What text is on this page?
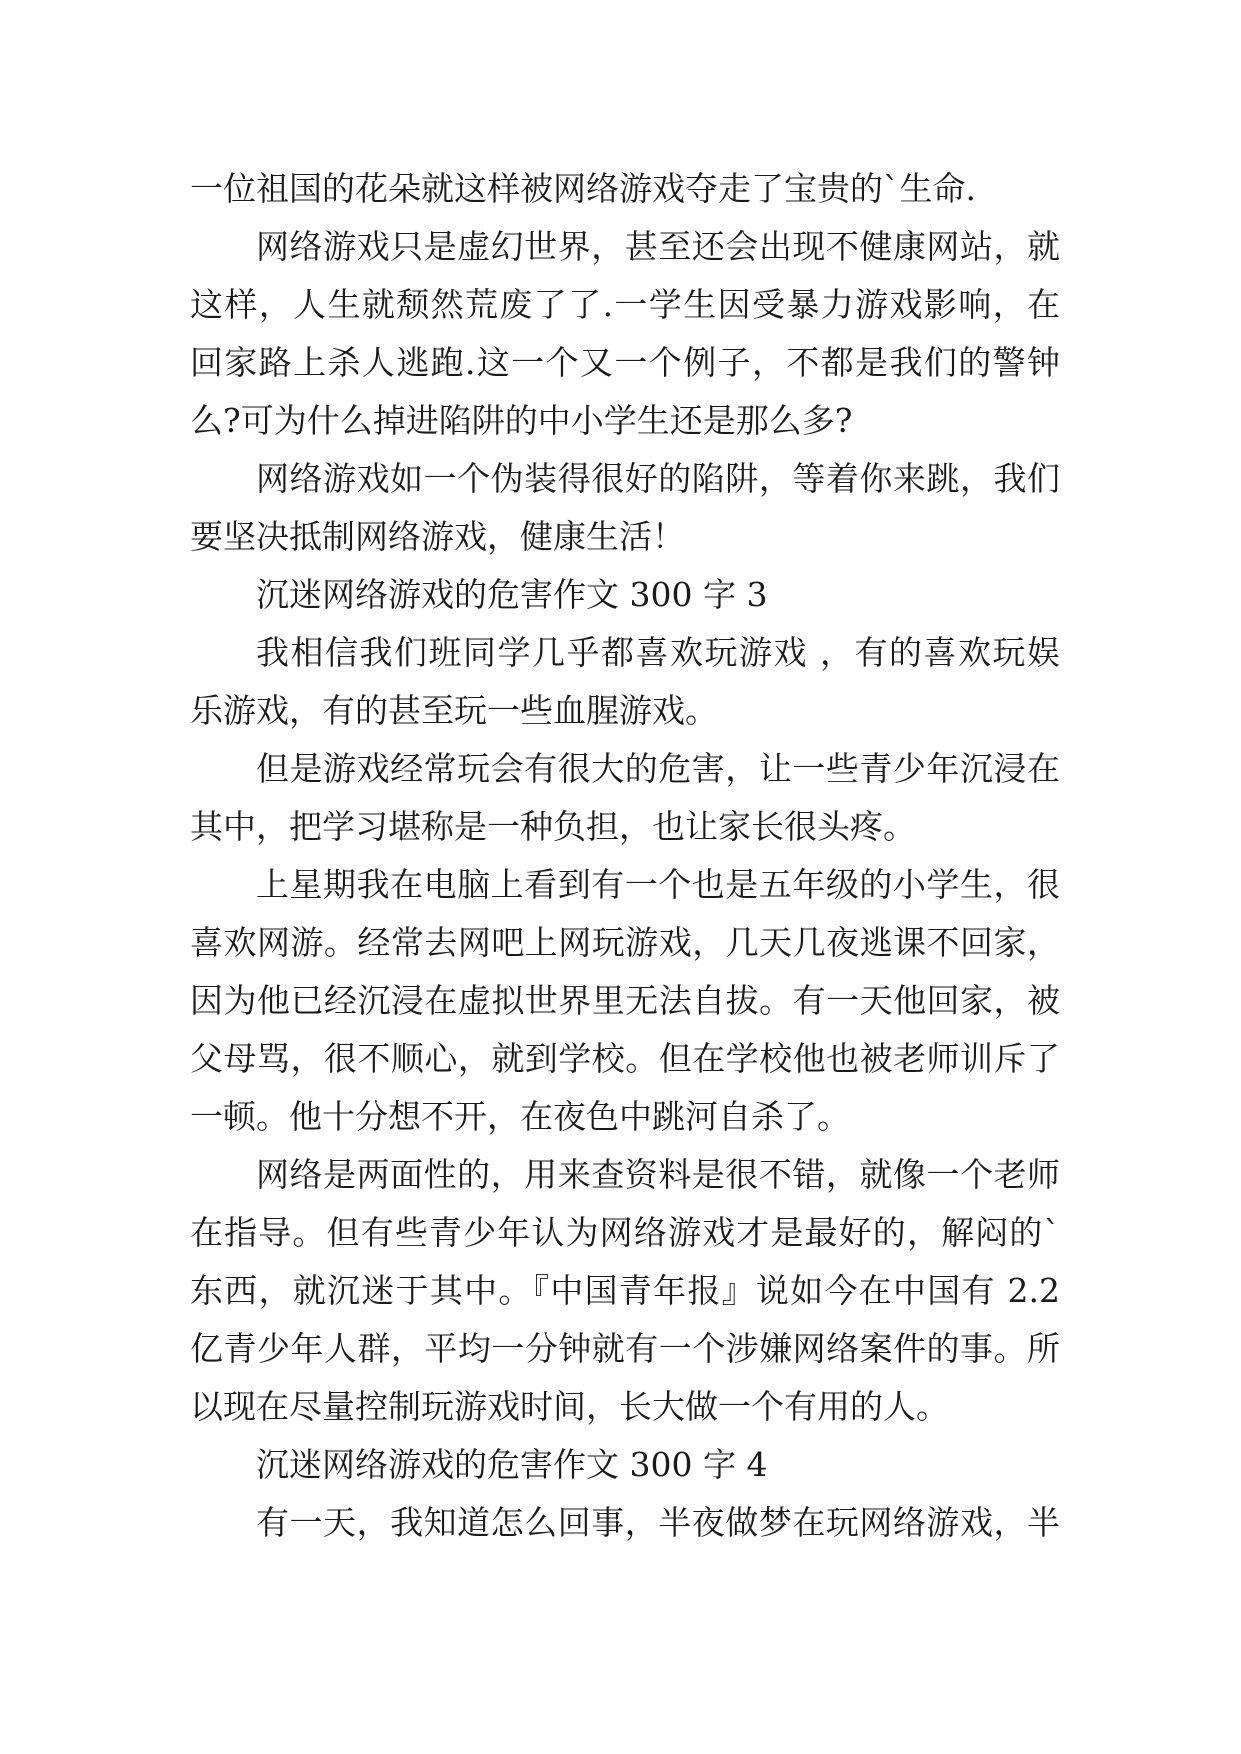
一位祖国的花朵就这样被网络游戏夺走了宝贵的`生命.
网络游戏只是虚幻世界，甚至还会出现不健康网站，就
这样，人生就颓然荒废了了.一学生因受暴力游戏影响，在
回家路上杀人逃跑.这一个又一个例子，不都是我们的警钟
么?可为什么掉进陷阱的中小学生还是那么多?
网络游戏如一个伪装得很好的陷阱，等着你来跳，我们
要坚决抵制网络游戏，健康生活！
沉迷网络游戏的危害作文 300 字 3
我相信我们班同学几乎都喜欢玩游戏 ，有的喜欢玩娱
乐游戏，有的甚至玩一些血腥游戏。
但是游戏经常玩会有很大的危害，让一些青少年沉浸在
其中，把学习堪称是一种负担，也让家长很头疼。
上星期我在电脑上看到有一个也是五年级的小学生，很
喜欢网游。经常去网吧上网玩游戏，几天几夜逃课不回家，
因为他已经沉浸在虚拟世界里无法自拔。有一天他回家，被
父母骂，很不顺心，就到学校。但在学校他也被老师训斥了
一顿。他十分想不开，在夜色中跳河自杀了。
网络是两面性的，用来查资料是很不错，就像一个老师
在指导。但有些青少年认为网络游戏才是最好的，解闷的`
东西，就沉迷于其中。『中国青年报』说如今在中国有 2.2
亿青少年人群，平均一分钟就有一个涉嫌网络案件的事。所
以现在尽量控制玩游戏时间，长大做一个有用的人。
沉迷网络游戏的危害作文 300 字 4
有一天，我知道怎么回事，半夜做梦在玩网络游戏，半
